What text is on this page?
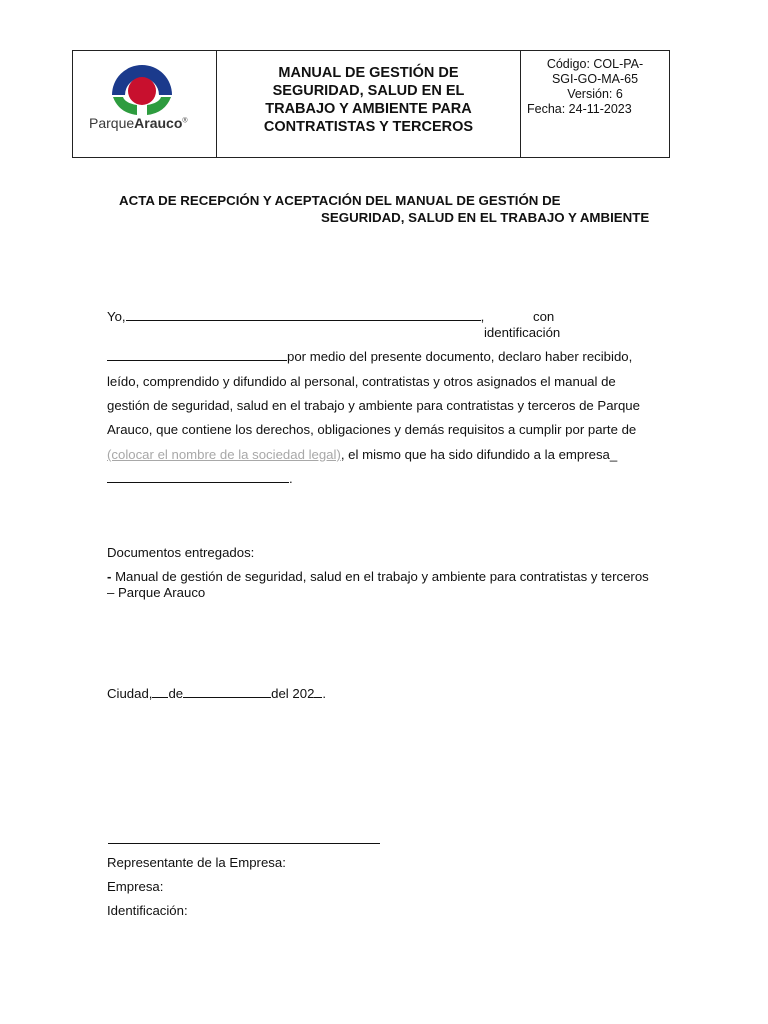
ParqueArauco®
MANUAL DE GESTIÓN DE
SEGURIDAD, SALUD EN EL
TRABAJO Y AMBIENTE PARA
CONTRATISTAS Y TERCEROS
Código: COL-PA-
SGI-GO-MA-65
Versión: 6
Fecha: 24-11-2023
ACTA DE RECEPCIÓN Y ACEPTACIÓN DEL MANUAL DE GESTIÓN DE
SEGURIDAD, SALUD EN EL TRABAJO Y AMBIENTE
Yo,	,	con
identificación
por medio del presente documento, declaro haber recibido,
leído, comprendido y difundido al personal, contratistas y otros asignados el manual de
gestión de seguridad, salud en el trabajo y ambiente para contratistas y terceros de Parque
Arauco, que contiene los derechos, obligaciones y demás requisitos a cumplir por parte de
(colocar el nombre de la sociedad legal), el mismo que ha sido difundido a la empresa_
.
Documentos entregados:
- Manual de gestión de seguridad, salud en el trabajo y ambiente para contratistas y terceros
– Parque Arauco
Ciudad, de	del 202 .
Representante de la Empresa:
Empresa:
Identificación:
